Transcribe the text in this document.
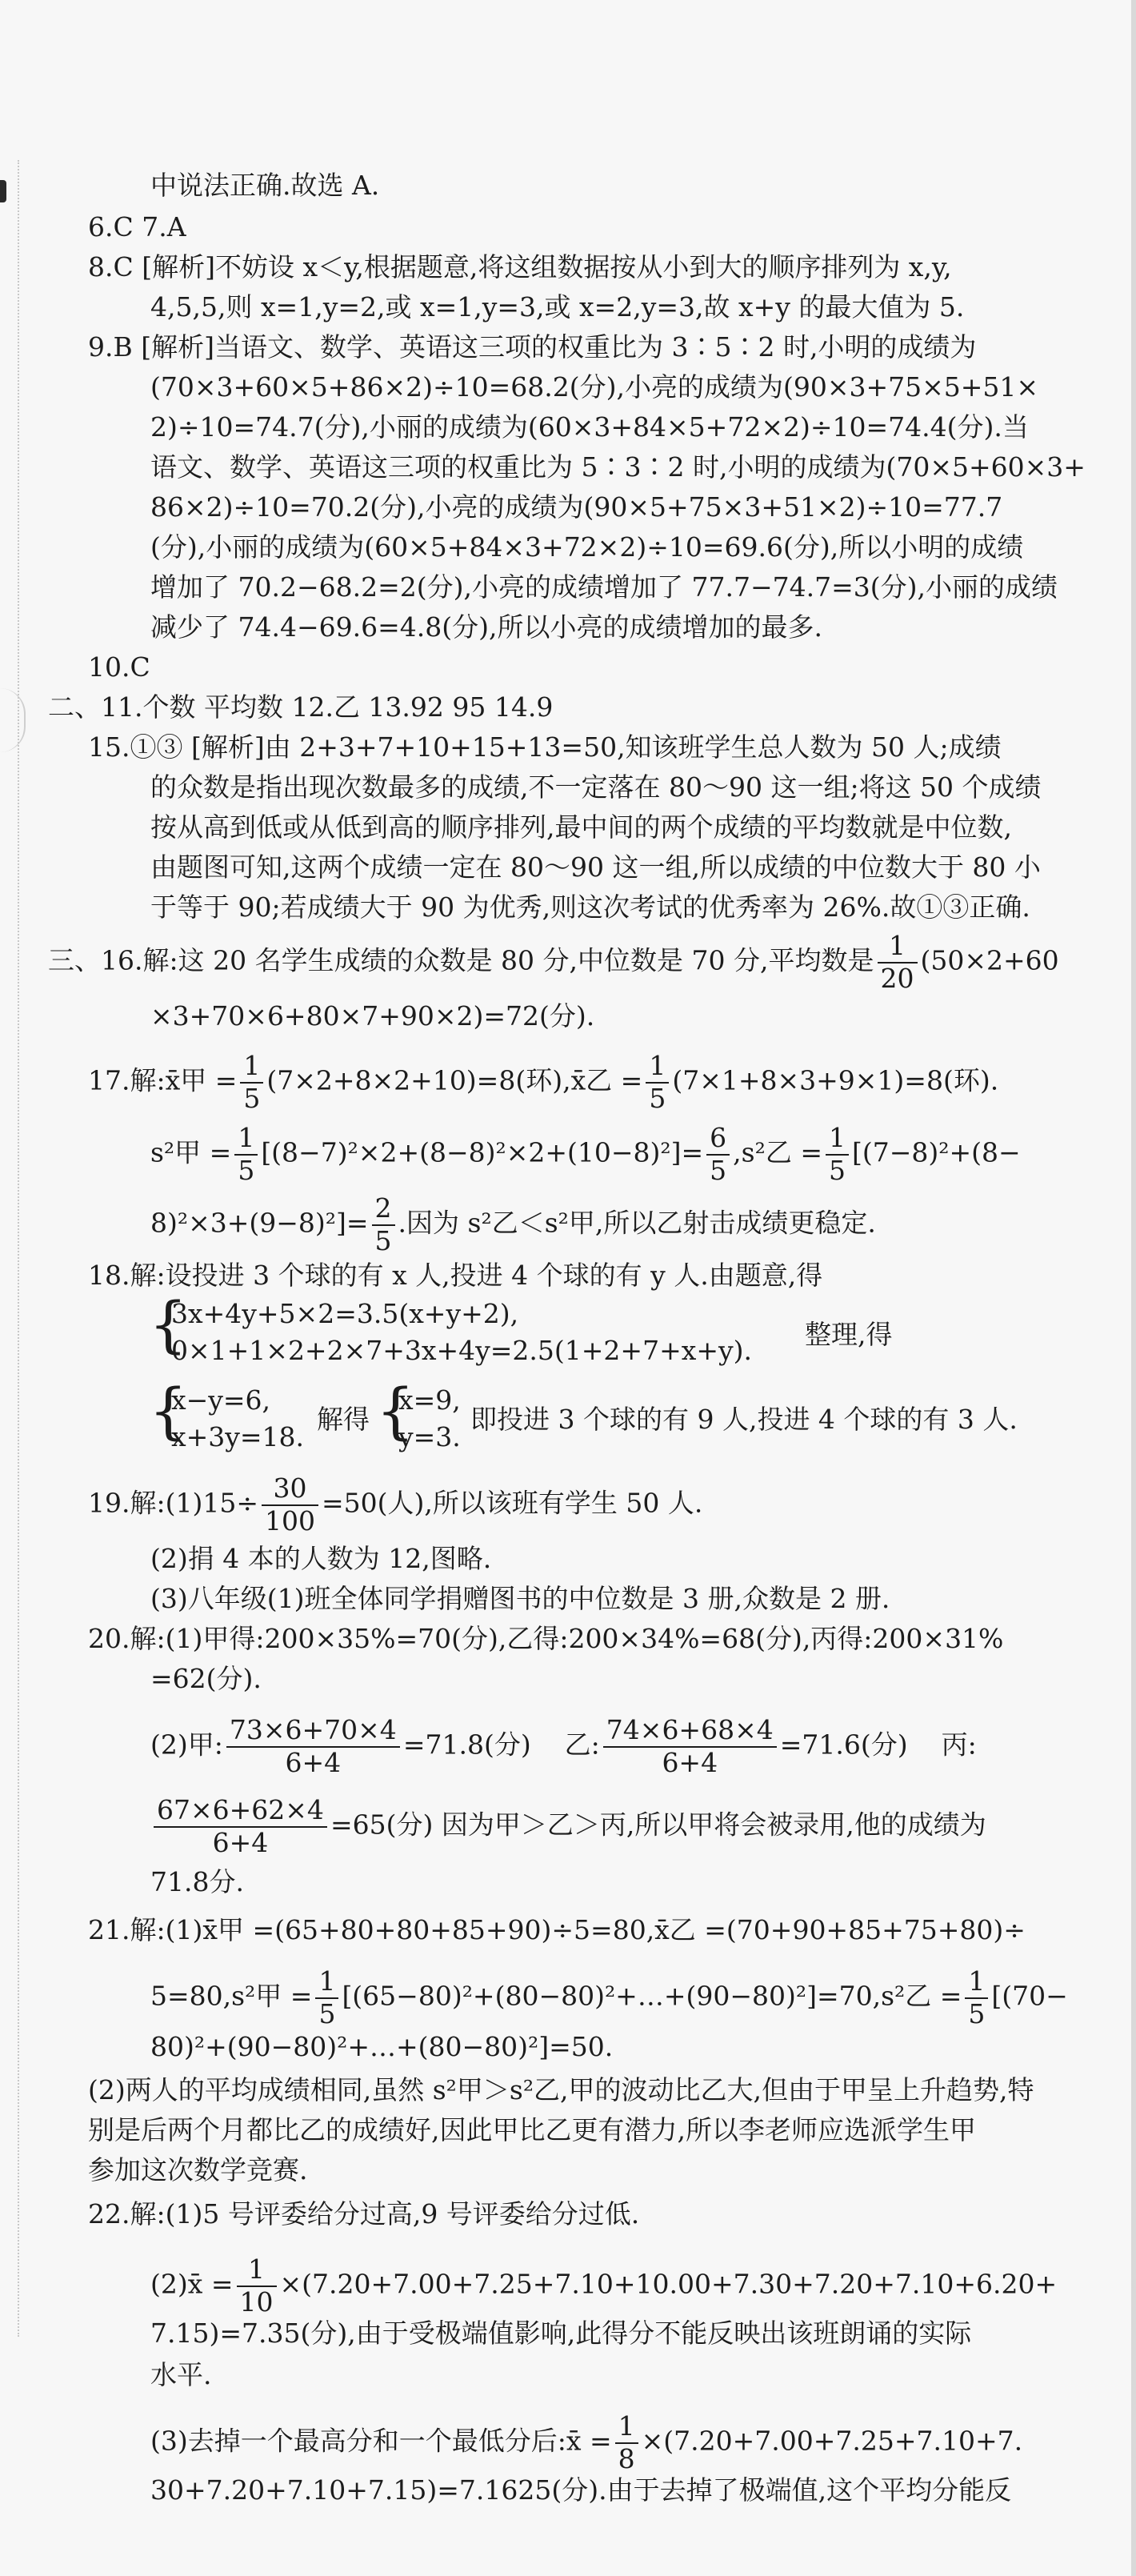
中说法正确.故选 A.
6.C 7.A
8.C [解析]不妨设 x＜y,根据题意,将这组数据按从小到大的顺序排列为 x,y,
4,5,5,则 x=1,y=2,或 x=1,y=3,或 x=2,y=3,故 x+y 的最大值为 5.
9.B [解析]当语文、数学、英语这三项的权重比为 3∶5∶2 时,小明的成绩为
(70×3+60×5+86×2)÷10=68.2(分),小亮的成绩为(90×3+75×5+51×
2)÷10=74.7(分),小丽的成绩为(60×3+84×5+72×2)÷10=74.4(分).当
语文、数学、英语这三项的权重比为 5∶3∶2 时,小明的成绩为(70×5+60×3+
86×2)÷10=70.2(分),小亮的成绩为(90×5+75×3+51×2)÷10=77.7
(分),小丽的成绩为(60×5+84×3+72×2)÷10=69.6(分),所以小明的成绩
增加了 70.2−68.2=2(分),小亮的成绩增加了 77.7−74.7=3(分),小丽的成绩
减少了 74.4−69.6=4.8(分),所以小亮的成绩增加的最多.
10.C
二、11.个数 平均数 12.乙 13.92 95 14.9
15.①③ [解析]由 2+3+7+10+15+13=50,知该班学生总人数为 50 人;成绩
的众数是指出现次数最多的成绩,不一定落在 80～90 这一组;将这 50 个成绩
按从高到低或从低到高的顺序排列,最中间的两个成绩的平均数就是中位数,
由题图可知,这两个成绩一定在 80～90 这一组,所以成绩的中位数大于 80 小
于等于 90;若成绩大于 90 为优秀,则这次考试的优秀率为 26%.故①③正确.
三、16.解:这 20 名学生成绩的众数是 80 分,中位数是 70 分,平均数是 $\frac{1}{20} (50\times 2+60$
×3+70×6+80×7+90×2)=72(分).
17.解:x̄甲 = $\frac{1}{5} (7\times 2+8\times 2+10)=8$(环),x̄乙 = $\frac{1}{5} (7\times 1+8\times 3+9\times 1)=8$(环).
s²甲 = $\frac{1}{5} [(8-7)^2\times 2+(8-8)^2\times 2+(10-8)^2]= \frac{6}{5} ,s^2$乙 = $\frac{1}{5} [(7-8)^2+(8-$
$8)^2\times 3+(9-8)^2]= \frac{2}{5}$ .因为 s²乙＜s²甲,所以乙射击成绩更稳定.
18.解:设投进 3 个球的有 x 人,投进 4 个球的有 y 人.由题意,得
{
3x+4y+5×2=3.5(x+y+2),
0×1+1×2+2×7+3x+4y=2.5(1+2+7+x+y).
整理,得
{
x−y=6,
x+3y=18.
解得 {
x=9,
y=3.
即投进 3 个球的有 9 人,投进 4 个球的有 3 人.
19.解:(1)15÷ $\frac{30}{100} =50$(人),所以该班有学生 50 人.
(2)捐 4 本的人数为 12,图略.
(3)八年级(1)班全体同学捐赠图书的中位数是 3 册,众数是 2 册.
20.解:(1)甲得:200×35%=70(分),乙得:200×34%=68(分),丙得:200×31%
=62(分).
(2)甲: $\frac{73\times 6+70\times 4}{6+4} =71.8$(分) 乙: $\frac{74\times 6+68\times 4}{6+4} =71.6$(分) 丙:
$\frac{67\times 6+62\times 4}{6+4} =65$(分) 因为甲＞乙＞丙,所以甲将会被录用,他的成绩为
71.8分.
21.解:(1)x̄甲 =(65+80+80+85+90)÷5=80,x̄乙 =(70+90+85+75+80)÷
5=80,s²甲 = $\frac{1}{5}$ [(65−80)²+(80−80)²+…+(90−80)²]=70,s²乙 = $\frac{1}{5} [(70-$
80)²+(90−80)²+…+(80−80)²]=50.
(2)两人的平均成绩相同,虽然 s²甲＞s²乙,甲的波动比乙大,但由于甲呈上升趋势,特
别是后两个月都比乙的成绩好,因此甲比乙更有潜力,所以李老师应选派学生甲
参加这次数学竞赛.
22.解:(1)5 号评委给分过高,9 号评委给分过低.
(2)x̄ = $\frac{1}{10} \times(7.20+7.00+7.25+7.10+10.00+7.30+7.20+7.10+6.20+$
7.15)=7.35(分),由于受极端值影响,此得分不能反映出该班朗诵的实际
水平.
(3)去掉一个最高分和一个最低分后:x̄ = $\frac{1}{8} \times(7.20+7.00+7.25+7.10+7$.
30+7.20+7.10+7.15)=7.1625(分).由于去掉了极端值,这个平均分能反
